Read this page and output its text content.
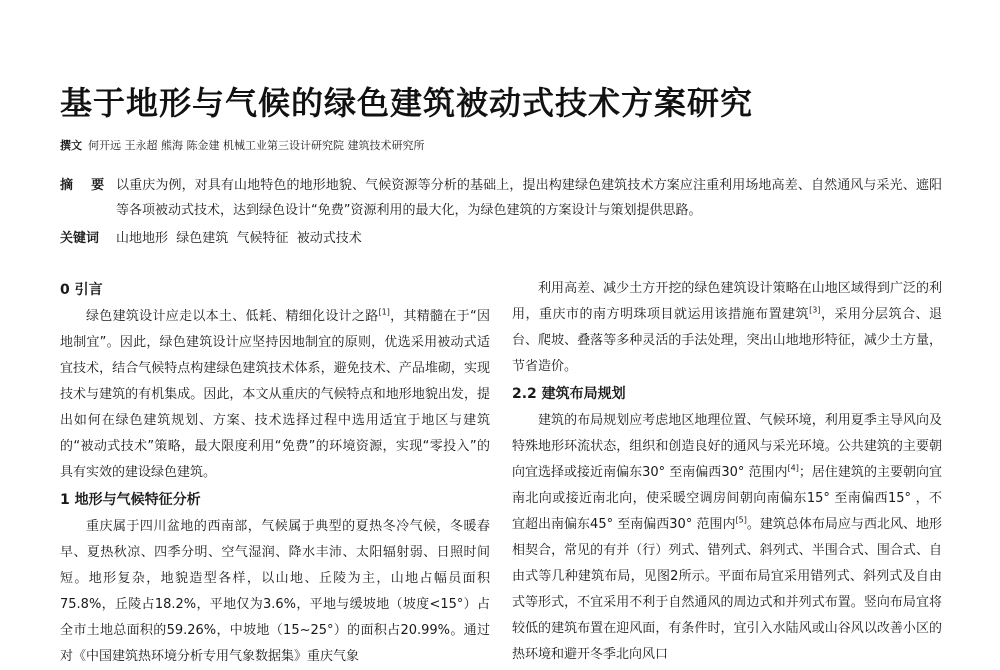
基于地形与气候的绿色建筑被动式技术方案研究
撰文 何开远 王永超 熊海 陈金建 机械工业第三设计研究院 建筑技术研究所
摘    要 以重庆为例，对具有山地特色的地形地貌、气候资源等分析的基础上，提出构建绿色建筑技术方案应注重利用场地高差、自然通风与采光、遮阳等各项被动式技术，达到绿色设计“免费”资源利用的最大化，为绿色建筑的方案设计与策划提供思路。
关键词 山地地形  绿色建筑  气候特征  被动式技术

0 引言

绿色建筑设计应走以本土、低耗、精细化设计之路[1]，其精髓在于“因地制宜”。因此，绿色建筑设计应坚持因地制宜的原则，优选采用被动式适宜技术，结合气候特点构建绿色建筑技术体系，避免技术、产品堆砌，实现技术与建筑的有机集成。因此，本文从重庆的气候特点和地形地貌出发，提出如何在绿色建筑规划、方案、技术选择过程中选用适宜于地区与建筑的“被动式技术”策略，最大限度利用“免费”的环境资源，实现“零投入”的具有实效的建设绿色建筑。

1 地形与气候特征分析

重庆属于四川盆地的西南部，气候属于典型的夏热冬冷气候，冬暖春早、夏热秋凉、四季分明、空气湿润、降水丰沛、太阳辐射弱、日照时间短。地形复杂，地貌造型各样，以山地、丘陵为主，山地占幅员面积75.8%，丘陵占18.2%，平地仅为3.6%，平地与缓坡地（坡度<15°）占全市土地总面积的59.26%，中坡地（15~25°）的面积占20.99%。通过对《中国建筑热环境分析专用气象数据集》重庆气象

利用高差、减少土方开挖的绿色建筑设计策略在山地区域得到广泛的利用，重庆市的南方明珠项目就运用该措施布置建筑[3]，采用分层筑合、退台、爬坡、叠落等多种灵活的手法处理，突出山地地形特征，减少土方量，节省造价。

2.2 建筑布局规划

建筑的布局规划应考虑地区地理位置、气候环境，利用夏季主导风向及特殊地形环流状态，组织和创造良好的通风与采光环境。公共建筑的主要朝向宜选择或接近南偏东30° 至南偏西30° 范围内[4]；居住建筑的主要朝向宜南北向或接近南北向，使采暖空调房间朝向南偏东15° 至南偏西15° ，不宜超出南偏东45° 至南偏西30° 范围内[5]。建筑总体布局应与西北风、地形相契合，常见的有并（行）列式、错列式、斜列式、半围合式、围合式、自由式等几种建筑布局，见图2所示。平面布局宜采用错列式、斜列式及自由式等形式，不宜采用不利于自然通风的周边式和并列式布置。竖向布局宜将较低的建筑布置在迎风面，有条件时，宜引入水陆风或山谷风以改善小区的热环境和避开冬季北向风口
